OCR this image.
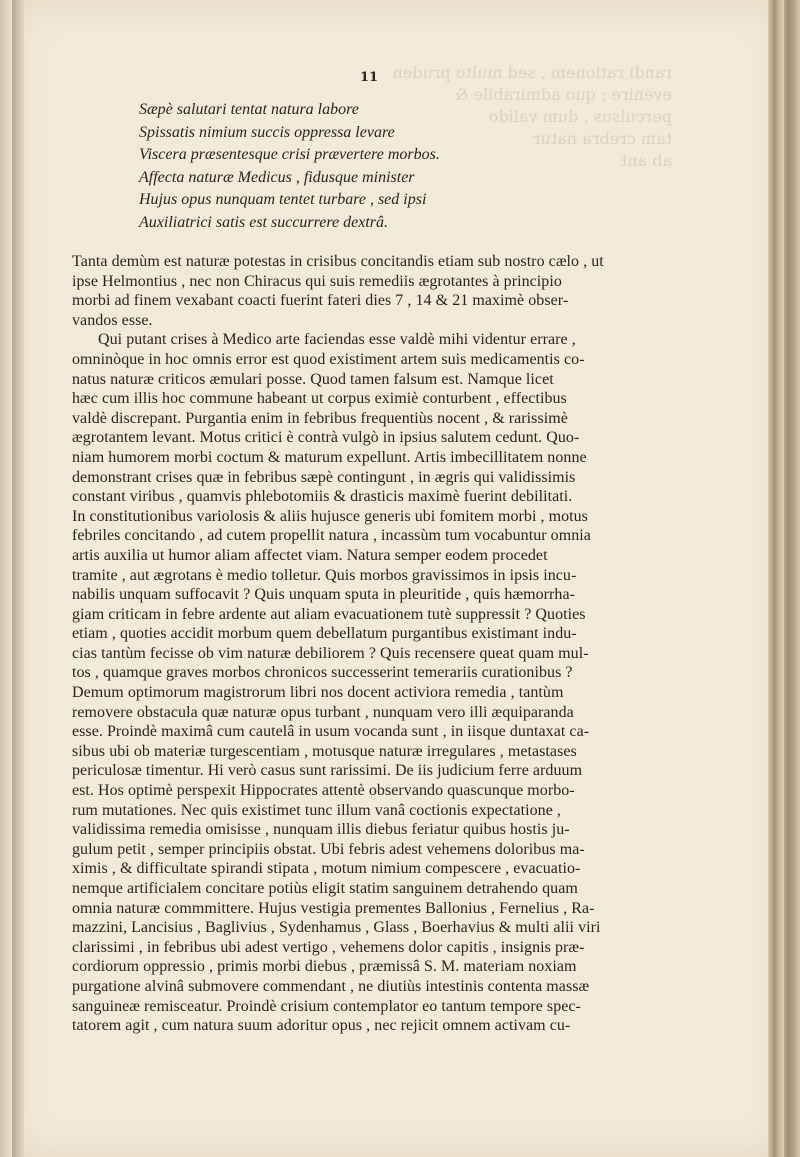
randi rationem , sed multo pruden
evenire ; quo admirabile &
perculsus , dum valido
tam crebra natur
ab ant
11
Sæpè salutari tentat natura labore
Spissatis nimium succis oppressa levare
Viscera præsentesque crisi prævertere morbos.
Affecta naturæ Medicus , fidusque minister
Hujus opus nunquam tentet turbare , sed ipsi
Auxiliatrici satis est succurrere dextrâ.
Tanta demùm est naturæ potestas in crisibus concitandis etiam sub nostro cælo , ut
ipse Helmontius , nec non Chiracus qui suis remediis ægrotantes à principio
morbi ad finem vexabant coacti fuerint fateri dies 7 , 14 & 21 maximè obser-
vandos esse.
Qui putant crises à Medico arte faciendas esse valdè mihi videntur errare ,
omninòque in hoc omnis error est quod existiment artem suis medicamentis co-
natus naturæ criticos æmulari posse. Quod tamen falsum est. Namque licet
hæc cum illis hoc commune habeant ut corpus eximiè conturbent , effectibus
valdè discrepant. Purgantia enim in febribus frequentiùs nocent , & rarissimè
ægrotantem levant. Motus critici è contrà vulgò in ipsius salutem cedunt. Quo-
niam humorem morbi coctum & maturum expellunt. Artis imbecillitatem nonne
demonstrant crises quæ in febribus sæpè contingunt , in ægris qui validissimis
constant viribus , quamvis phlebotomiis & drasticis maximè fuerint debilitati.
In constitutionibus variolosis & aliis hujusce generis ubi fomitem morbi , motus
febriles concitando , ad cutem propellit natura , incassùm tum vocabuntur omnia
artis auxilia ut humor aliam affectet viam. Natura semper eodem procedet
tramite , aut ægrotans è medio tolletur. Quis morbos gravissimos in ipsis incu-
nabilis unquam suffocavit ? Quis unquam sputa in pleuritide , quis hæmorrha-
giam criticam in febre ardente aut aliam evacuationem tutè suppressit ? Quoties
etiam , quoties accidit morbum quem debellatum purgantibus existimant indu-
cias tantùm fecisse ob vim naturæ debiliorem ? Quis recensere queat quam mul-
tos , quamque graves morbos chronicos successerint temerariis curationibus ?
Demum optimorum magistrorum libri nos docent activiora remedia , tantùm
removere obstacula quæ naturæ opus turbant , nunquam vero illi æquiparanda
esse. Proindè maximâ cum cautelâ in usum vocanda sunt , in iisque duntaxat ca-
sibus ubi ob materiæ turgescentiam , motusque naturæ irregulares , metastases
periculosæ timentur. Hi verò casus sunt rarissimi. De iis judicium ferre arduum
est. Hos optimè perspexit Hippocrates attentè observando quascunque morbo-
rum mutationes. Nec quis existimet tunc illum vanâ coctionis expectatione ,
validissima remedia omisisse , nunquam illis diebus feriatur quibus hostis ju-
gulum petit , semper principiis obstat. Ubi febris adest vehemens doloribus ma-
ximis , & difficultate spirandi stipata , motum nimium compescere , evacuatio-
nemque artificialem concitare potiùs eligit statim sanguinem detrahendo quam
omnia naturæ commmittere. Hujus vestigia prementes Ballonius , Fernelius , Ra-
mazzini, Lancisius , Baglivius , Sydenhamus , Glass , Boerhavius & multi alii viri
clarissimi , in febribus ubi adest vertigo , vehemens dolor capitis , insignis præ-
cordiorum oppressio , primis morbi diebus , præmissâ S. M. materiam noxiam
purgatione alvinâ submovere commendant , ne diutiùs intestinis contenta massæ
sanguineæ remisceatur. Proindè crisium contemplator eo tantum tempore spec-
tatorem agit , cum natura suum adoritur opus , nec rejicit omnem activam cu-
